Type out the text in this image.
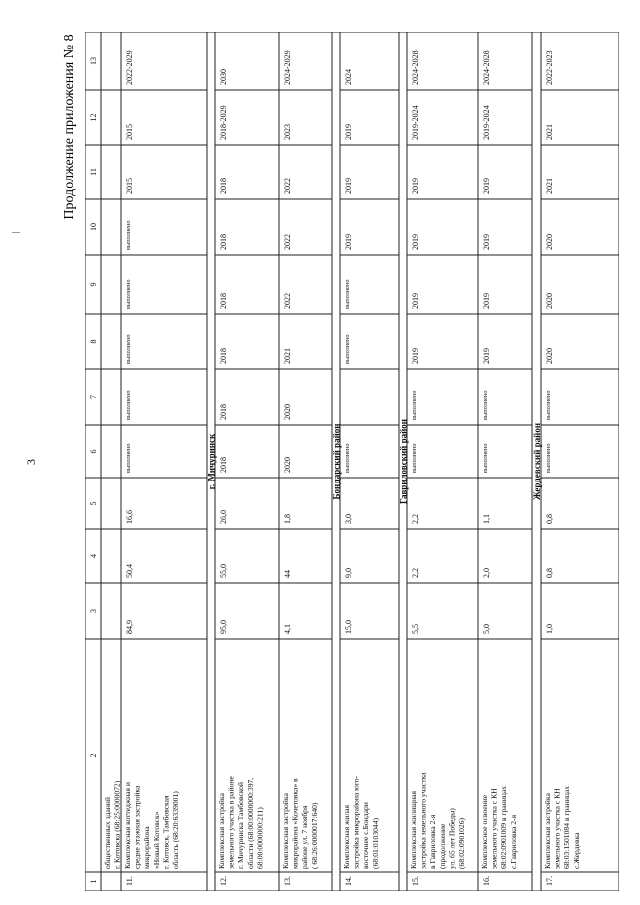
3
Продолжение приложения № 8
1
2
3
4
5
6
7
8
9
10
11
12
13
общественных зданий г. Котовска (68:25:0000072)
11.
Комплексная коттеджная и средне этажная застройка микрорайона «Новый Котовск» г. Котовск, Тамбовская область (68:20:6339001)
84,9
50,4
16,6
выполнено
выполнено
выполнено
выполнено
выполнено
2015
2015
2022-2029
г. Мичуринск
12.
Комплексная застройка земельного участка в районе г. Мичуринска Тамбовской области (68:00:0000000:397, 68:00:0000000:211)
95,0
55,0
26,0
2018
2018
2018
2018
2018
2018
2018-2029
2030
13.
Комплексная застройка микрорайона «Кочетовка» в районе ул. 7 ноября ( 68:26:0000017:640)
4,1
44
1,8
2020
2020
2021
2022
2022
2022
2023
2024-2029
Бондарский район
14.
Комплексная жилая застройка микрорайона юго- восточнее с.Бондари (68:01:0103044)
15,0
9,0
3,0
выполнено
выполнено
выполнено
2019
2019
2019
2024
Гавриловский район
15.
Комплексная жилищная застройка земельного участка в Гавриловка 2-я (продолжение ул. 65 лет Победы) (68:02:0901026)
5,5
2,2
2,2
выполнено
выполнено
2019
2019
2019
2019
2019-2024
2024-2028
16.
Комплексное освоение земельного участка с КН 68:02:0901009 в границах с.Гавриловка 2-я
5,0
2,0
1,1
выполнено
выполнено
2019
2019
2019
2019
2019-2024
2024-2028
Жердевский район
17.
Комплексная застройка земельного участка с КН 68:03:1501084 в границах с.Жердевка
1,0
0,8
0,8
выполнено
выполнено
2020
2020
2020
2021
2021
2022-2023
